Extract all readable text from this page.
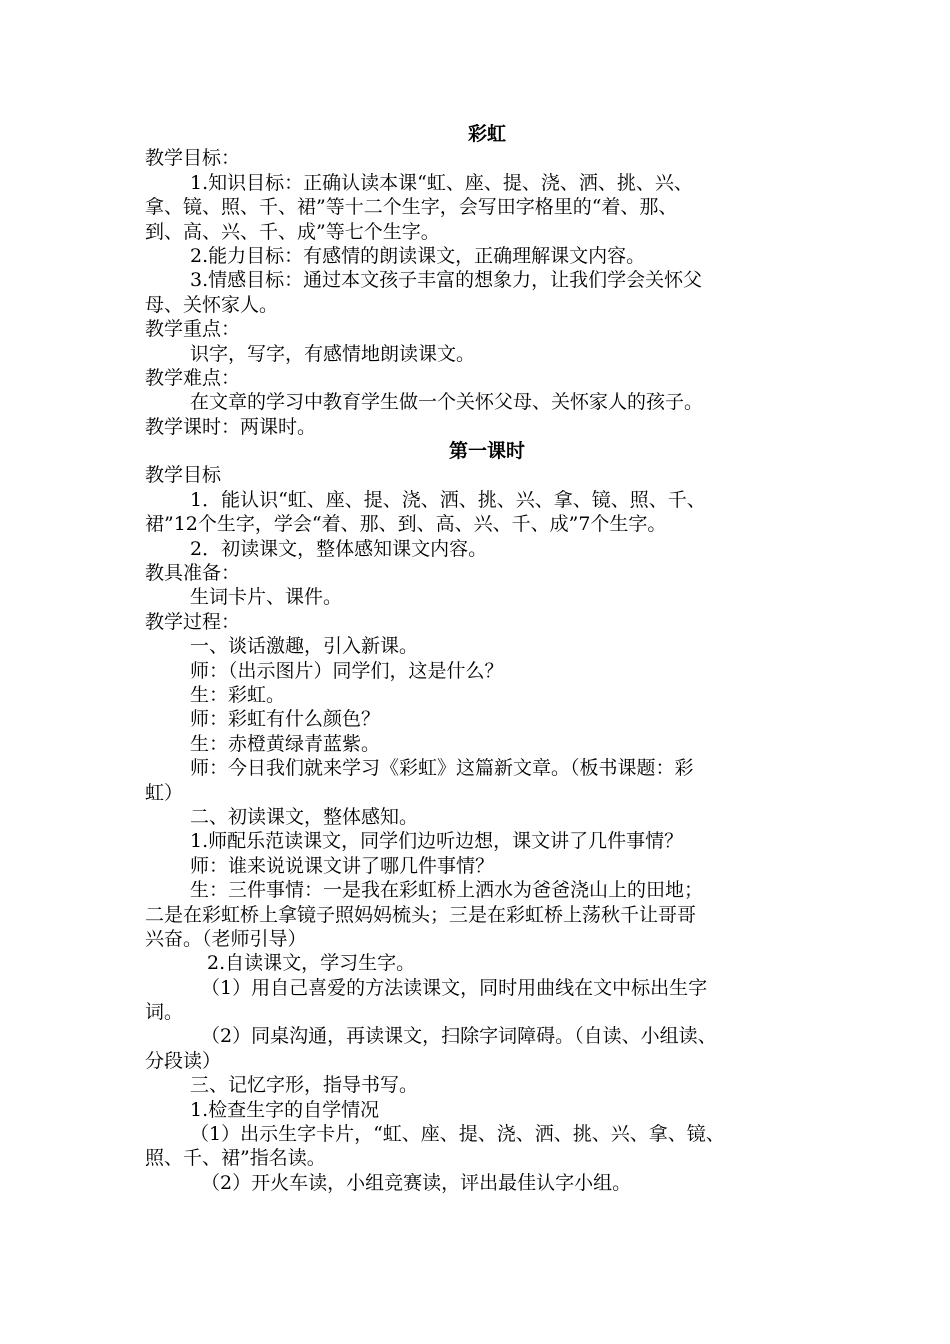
彩虹

教学目标：

1.知识目标：正确认读本课“虹、座、提、浇、洒、挑、兴、

拿、镜、照、千、裙”等十二个生字，会写田字格里的“着、那、

到、高、兴、千、成”等七个生字。

2.能力目标：有感情的朗读课文，正确理解课文内容。

3.情感目标：通过本文孩子丰富的想象力，让我们学会关怀父

母、关怀家人。

教学重点：

识字，写字，有感情地朗读课文。

教学难点：

在文章的学习中教育学生做一个关怀父母、关怀家人的孩子。

教学课时：两课时。

第一课时

教学目标

1．能认识“虹、座、提、浇、洒、挑、兴、拿、镜、照、千、

裙”12个生字，学会“着、那、到、高、兴、千、成”7个生字。

2．初读课文，整体感知课文内容。

教具准备：

生词卡片、课件。

教学过程：

一、谈话激趣，引入新课。

师：（出示图片）同学们，这是什么？

生：彩虹。

师：彩虹有什么颜色？

生：赤橙黄绿青蓝紫。

师：今日我们就来学习《彩虹》这篇新文章。（板书课题：彩

虹）

二、初读课文，整体感知。

1.师配乐范读课文，同学们边听边想，课文讲了几件事情？

师：谁来说说课文讲了哪几件事情？

生：三件事情：一是我在彩虹桥上洒水为爸爸浇山上的田地；

二是在彩虹桥上拿镜子照妈妈梳头；三是在彩虹桥上荡秋千让哥哥

兴奋。（老师引导）

2.自读课文，学习生字。

（1）用自己喜爱的方法读课文，同时用曲线在文中标出生字

词。

（2）同桌沟通，再读课文，扫除字词障碍。（自读、小组读、

分段读）

三、记忆字形，指导书写。

1.检查生字的自学情况

（1）出示生字卡片，“虹、座、提、浇、洒、挑、兴、拿、镜、

照、千、裙”指名读。

（2）开火车读，小组竞赛读，评出最佳认字小组。
